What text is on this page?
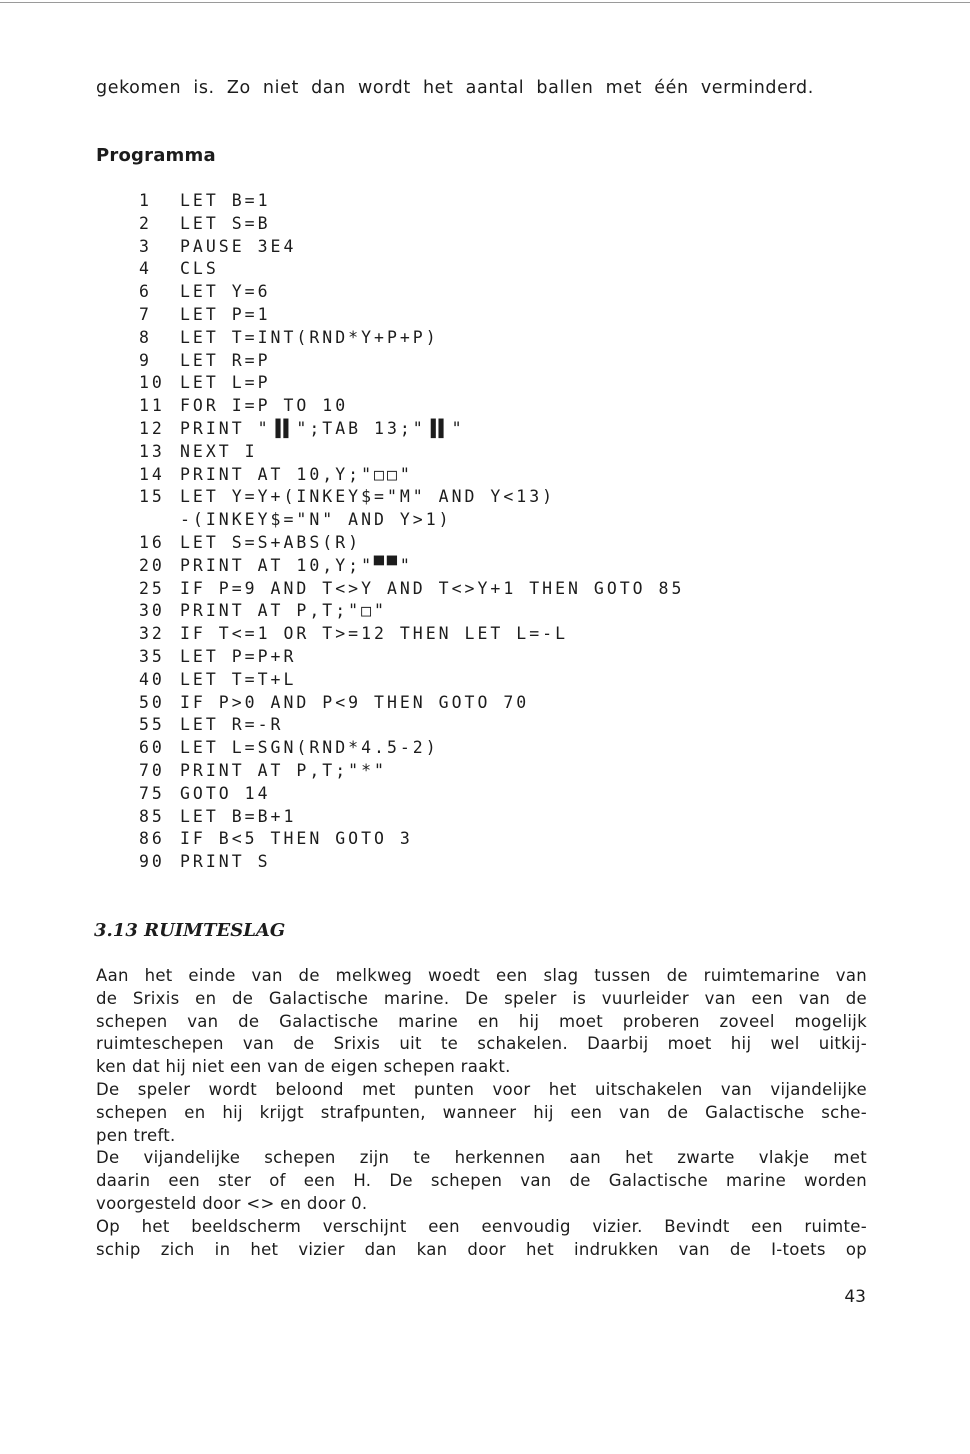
gekomen is. Zo niet dan wordt het aantal ballen met één verminderd.
Programma
1	LET B=1
2	LET S=B
3	PAUSE 3E4
4	CLS
6	LET Y=6
7	LET P=1
8	LET T=INT(RND*Y+P+P)
9	LET R=P
10 LET L=P
11 FOR I=P TO 10
12 PRINT "▐▌";TAB 13;"▐▌"
13 NEXT I
14 PRINT AT 10,Y;"□□"
15 LET Y=Y+(INKEY$="M" AND Y<13)
-(INKEY$="N" AND Y>1)
16 LET S=S+ABS(R)
20 PRINT AT 10,Y;"▀▀"
25 IF P=9 AND T<>Y AND T<>Y+1 THEN GOTO 85
30 PRINT AT P,T;"□"
32 IF T<=1 OR T>=12 THEN LET L=-L
35 LET P=P+R
40 LET T=T+L
50 IF P>0 AND P<9 THEN GOTO 70
55 LET R=-R
60 LET L=SGN(RND*4.5-2)
70 PRINT AT P,T;"*"
75 GOTO 14
85 LET B=B+1
86 IF B<5 THEN GOTO 3
90 PRINT S
3.13 RUIMTESLAG
Aan het einde van de melkweg woedt een slag tussen de ruimtemarine van
de Srixis en de Galactische marine. De speler is vuurleider van een van de
schepen van de Galactische marine en hij moet proberen zoveel mogelijk
ruimteschepen van de Srixis uit te schakelen. Daarbij moet hij wel uitkij-
ken dat hij niet een van de eigen schepen raakt.
De speler wordt beloond met punten voor het uitschakelen van vijandelijke
schepen en hij krijgt strafpunten, wanneer hij een van de Galactische sche-
pen treft.
De vijandelijke schepen zijn te herkennen aan het zwarte vlakje met
daarin een ster of een H. De schepen van de Galactische marine worden
voorgesteld door <> en door 0.
Op het beeldscherm verschijnt een eenvoudig vizier. Bevindt een ruimte-
schip zich in het vizier dan kan door het indrukken van de I-toets op
43
